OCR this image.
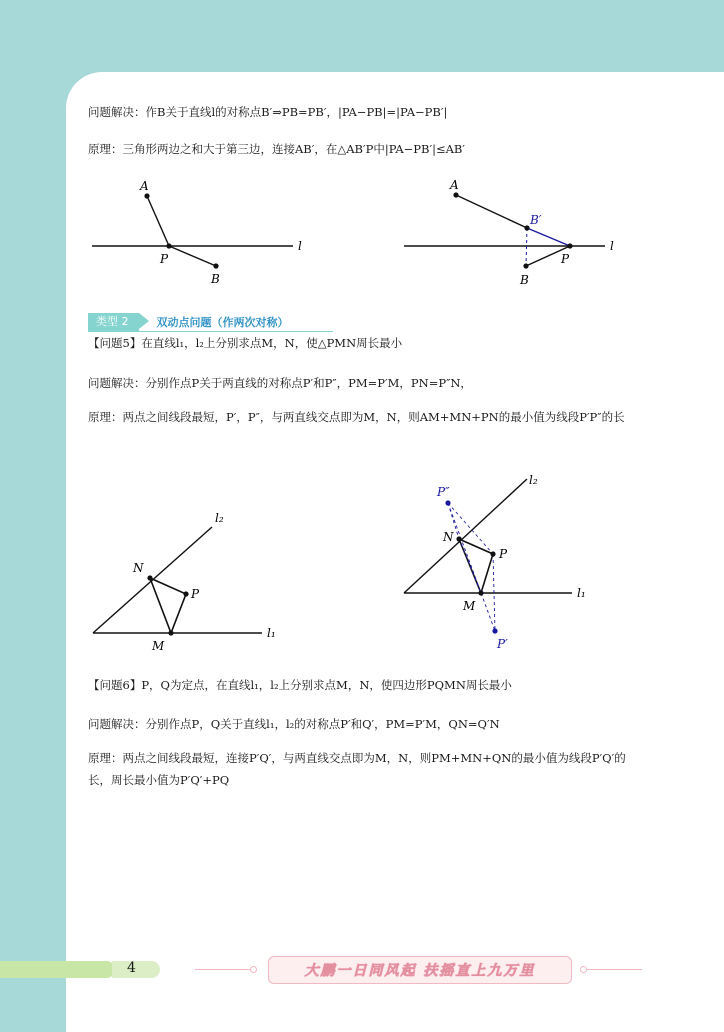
问题解决：作B关于直线l的对称点B′⇒PB=PB′，|PA−PB|=|PA−PB′|
原理：三角形两边之和大于第三边，连接AB′，在△AB′P中|PA−PB′|≤AB′
A
P
B
l
A
B′
P
B
l
类型 2	双动点问题（作两次对称）
【问题5】在直线l₁，l₂上分别求点M，N，使△PMN周长最小
问题解决：分别作点P关于两直线的对称点P′和P″，PM=P′M，PN=P″N，
原理：两点之间线段最短，P′，P″，与两直线交点即为M，N，则AM+MN+PN的最小值为线段P′P″的长
l₂
N
P
M
l₁
P″
l₂
N
P
M
l₁
P′
【问题6】P，Q为定点，在直线l₁，l₂上分别求点M，N，使四边形PQMN周长最小
问题解决：分别作点P，Q关于直线l₁，l₂的对称点P′和Q′，PM=P′M，QN=Q′N
原理：两点之间线段最短，连接P′Q′，与两直线交点即为M，N，则PM+MN+QN的最小值为线段P′Q′的长，周长最小值为P′Q′+PQ
4	大鹏一日同风起 扶摇直上九万里
